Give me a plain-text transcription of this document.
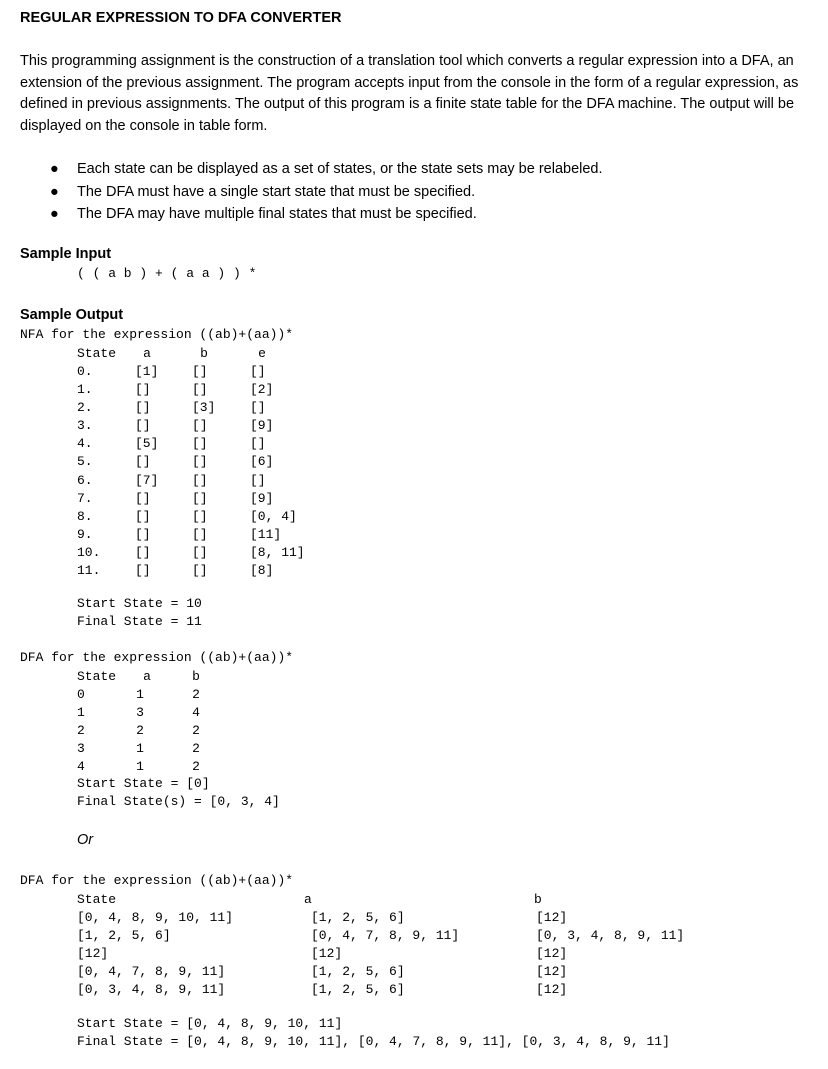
REGULAR EXPRESSION TO DFA CONVERTER
This programming assignment is the construction of a translation tool which converts a regular expression into a DFA, an extension of the previous assignment. The program accepts input from the console in the form of a regular expression, as defined in previous assignments. The output of this program is a finite state table for the DFA machine. The output will be displayed on the console in table form.
● Each state can be displayed as a set of states, or the state sets may be relabeled.
● The DFA must have a single start state that must be specified.
● The DFA may have multiple final states that must be specified.
Sample Input
( ( a b ) + ( a a ) ) *
Sample Output
NFA for the expression ((ab)+(aa))*
State	a	b	e
0.	[1]	[]	[]
1.	[]	[]	[2]
2.	[]	[3]	[]
3.	[]	[]	[9]
4.	[5]	[]	[]
5.	[]	[]	[6]
6.	[7]	[]	[]
7.	[]	[]	[9]
8.	[]	[]	[0, 4]
9.	[]	[]	[11]
10.	[]	[]	[8, 11]
11.	[]	[]	[8]
Start State = 10
Final State = 11
DFA for the expression ((ab)+(aa))*
State	a	b
0	1	2
1	3	4
2	2	2
3	1	2
4	1	2
Start State = [0]
Final State(s) = [0, 3, 4]
Or
DFA for the expression ((ab)+(aa))*
State	a	b
[0, 4, 8, 9, 10, 11]	[1, 2, 5, 6]	[12]
[1, 2, 5, 6]	[0, 4, 7, 8, 9, 11]	[0, 3, 4, 8, 9, 11]
[12]	[12]	[12]
[0, 4, 7, 8, 9, 11]	[1, 2, 5, 6]	[12]
[0, 3, 4, 8, 9, 11]	[1, 2, 5, 6]	[12]
Start State = [0, 4, 8, 9, 10, 11]
Final State = [0, 4, 8, 9, 10, 11], [0, 4, 7, 8, 9, 11], [0, 3, 4, 8, 9, 11]
